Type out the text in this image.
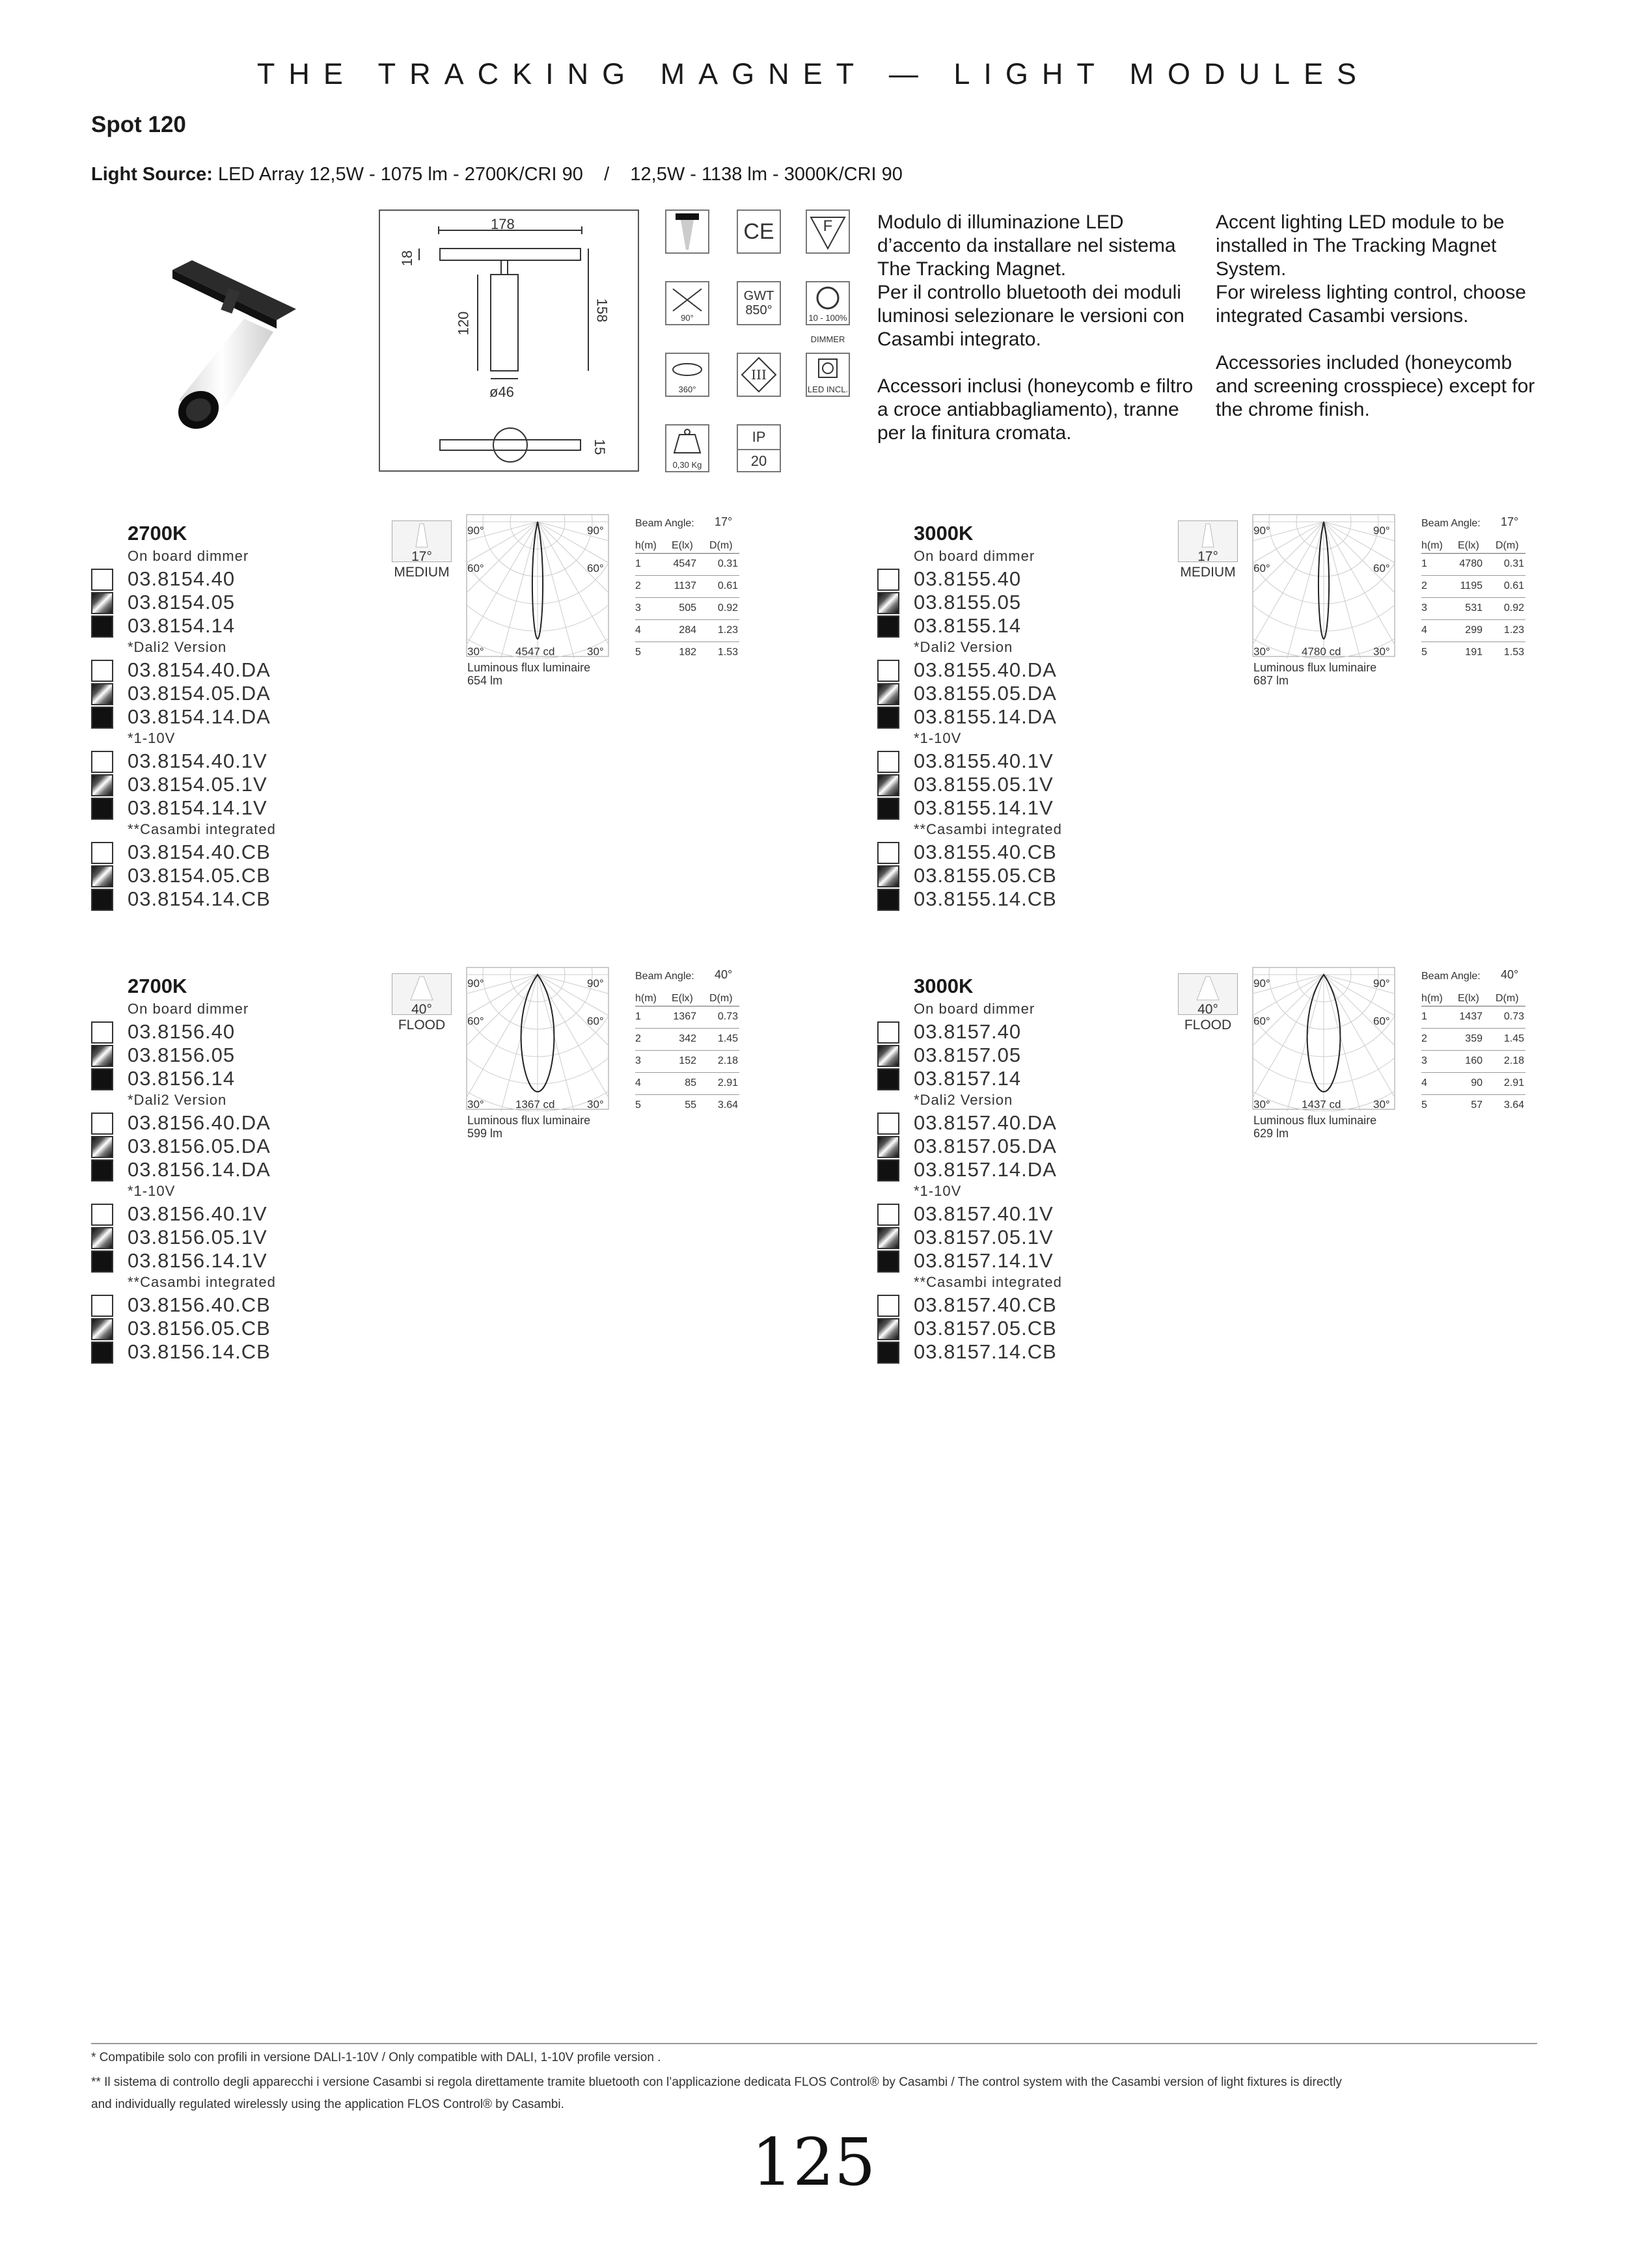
THE TRACKING MAGNET — LIGHT MODULES
Spot 120
Light Source: LED Array 12,5W - 1075 lm - 2700K/CRI 90    /    12,5W - 1138 lm - 3000K/CRI 90
178
18
120
158
ø46
15
CE	F
90°
GWT
850°
10 - 100%
DIMMER
360°
III
LED INCL.
0,30 Kg
IP
20

Modulo di illuminazione LED d’accento da installare nel sistema The Tracking Magnet.

Per il controllo bluetooth dei moduli luminosi selezionare le versioni con Casambi integrato.

Accessori inclusi (honeycomb e filtro a croce antiabbagliamento), tranne per la finitura cromata.

Accent lighting LED module to be installed in The Tracking Magnet System.

For wireless lighting control, choose integrated Casambi versions.

Accessories included (honeycomb and screening crosspiece) except for the chrome finish.

2700K
On board dimmer
03.8154.40
03.8154.05
03.8154.14
*Dali2 Version
03.8154.40.DA
03.8154.05.DA
03.8154.14.DA
*1-10V
03.8154.40.1V
03.8154.05.1V
03.8154.14.1V
**Casambi integrated
03.8154.40.CB
03.8154.05.CB
03.8154.14.CB
17°
MEDIUM
90°	90°
60°	60°
30°	30°
4547 cd
Luminous flux luminaire
654 lm
Beam Angle: 17°
h(m) E(lx) D(m)
1	4547	0.31
2	1137	0.61
3	505	0.92
4	284	1.23
5	182	1.53
3000K
On board dimmer
03.8155.40
03.8155.05
03.8155.14
*Dali2 Version
03.8155.40.DA
03.8155.05.DA
03.8155.14.DA
*1-10V
03.8155.40.1V
03.8155.05.1V
03.8155.14.1V
**Casambi integrated
03.8155.40.CB
03.8155.05.CB
03.8155.14.CB
17°
MEDIUM
90°	90°
60°	60°
30°	30°
4780 cd
Luminous flux luminaire
687 lm
Beam Angle: 17°
h(m) E(lx) D(m)
1	4780	0.31
2	1195	0.61
3	531	0.92
4	299	1.23
5	191	1.53
2700K
On board dimmer
03.8156.40
03.8156.05
03.8156.14
*Dali2 Version
03.8156.40.DA
03.8156.05.DA
03.8156.14.DA
*1-10V
03.8156.40.1V
03.8156.05.1V
03.8156.14.1V
**Casambi integrated
03.8156.40.CB
03.8156.05.CB
03.8156.14.CB
40°
FLOOD
90°	90°
60°	60°
30°	30°
1367 cd
Luminous flux luminaire
599 lm
Beam Angle: 40°
h(m) E(lx) D(m)
1	1367	0.73
2	342	1.45
3	152	2.18
4	85	2.91
5	55	3.64
3000K
On board dimmer
03.8157.40
03.8157.05
03.8157.14
*Dali2 Version
03.8157.40.DA
03.8157.05.DA
03.8157.14.DA
*1-10V
03.8157.40.1V
03.8157.05.1V
03.8157.14.1V
**Casambi integrated
03.8157.40.CB
03.8157.05.CB
03.8157.14.CB
40°
FLOOD
90°	90°
60°	60°
30°	30°
1437 cd
Luminous flux luminaire
629 lm
Beam Angle: 40°
h(m) E(lx) D(m)
1	1437	0.73
2	359	1.45
3	160	2.18
4	90	2.91
5	57	3.64
* Compatibile solo con profili in versione DALI-1-10V / Only compatible with DALI, 1-10V profile version .
** Il sistema di controllo degli apparecchi i versione Casambi si regola direttamente tramite bluetooth con l’applicazione dedicata FLOS Control® by Casambi / The control system with the Casambi version of light fixtures is directly
and individually regulated wirelessly using the application FLOS Control® by Casambi.
125
